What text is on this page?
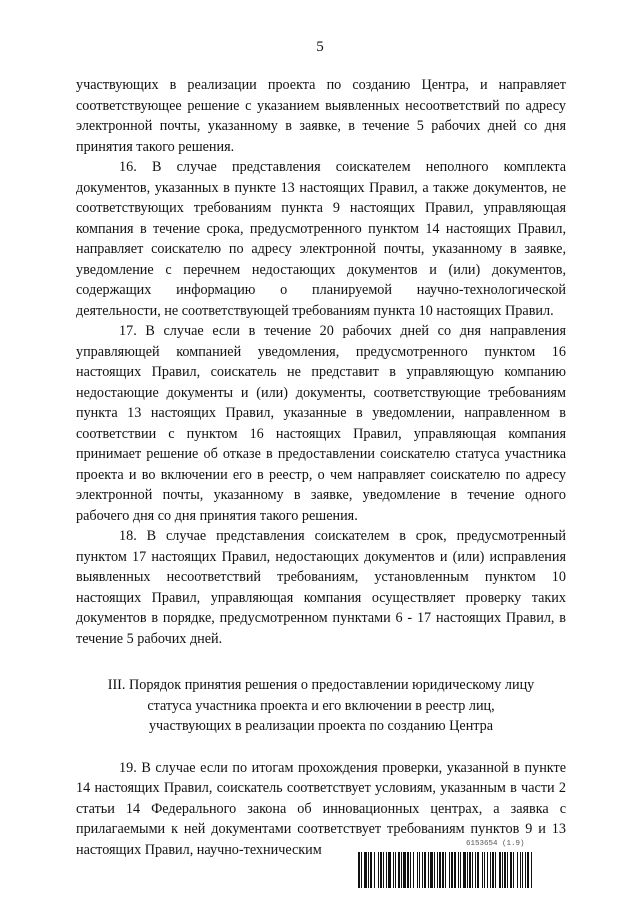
5

участвующих в реализации проекта по созданию Центра, и направляет соответствующее решение с указанием выявленных несоответствий по адресу электронной почты, указанному в заявке, в течение 5 рабочих дней со дня принятия такого решения.

16. В случае представления соискателем неполного комплекта документов, указанных в пункте 13 настоящих Правил, а также документов, не соответствующих требованиям пункта 9 настоящих Правил, управляющая компания в течение срока, предусмотренного пунктом 14 настоящих Правил, направляет соискателю по адресу электронной почты, указанному в заявке, уведомление с перечнем недостающих документов и (или) документов, содержащих информацию о планируемой научно-технологической деятельности, не соответствующей требованиям пункта 10 настоящих Правил.

17. В случае если в течение 20 рабочих дней со дня направления управляющей компанией уведомления, предусмотренного пунктом 16 настоящих Правил, соискатель не представит в управляющую компанию недостающие документы и (или) документы, соответствующие требованиям пункта 13 настоящих Правил, указанные в уведомлении, направленном в соответствии с пунктом 16 настоящих Правил, управляющая компания принимает решение об отказе в предоставлении соискателю статуса участника проекта и во включении его в реестр, о чем направляет соискателю по адресу электронной почты, указанному в заявке, уведомление в течение одного рабочего дня со дня принятия такого решения.

18. В случае представления соискателем в срок, предусмотренный пунктом 17 настоящих Правил, недостающих документов и (или) исправления выявленных несоответствий требованиям, установленным пунктом 10 настоящих Правил, управляющая компания осуществляет проверку таких документов в порядке, предусмотренном пунктами 6 - 17 настоящих Правил, в течение 5 рабочих дней.

III. Порядок принятия решения о предоставлении юридическому лицу
статуса участника проекта и его включении в реестр лиц,
участвующих в реализации проекта по созданию Центра

19. В случае если по итогам прохождения проверки, указанной в пункте 14 настоящих Правил, соискатель соответствует условиям, указанным в части 2 статьи 14 Федерального закона об инновационных центрах, а заявка с прилагаемыми к ней документами соответствует требованиям пунктов 9 и 13 настоящих Правил, научно-техническим	6153654 (1.9)
